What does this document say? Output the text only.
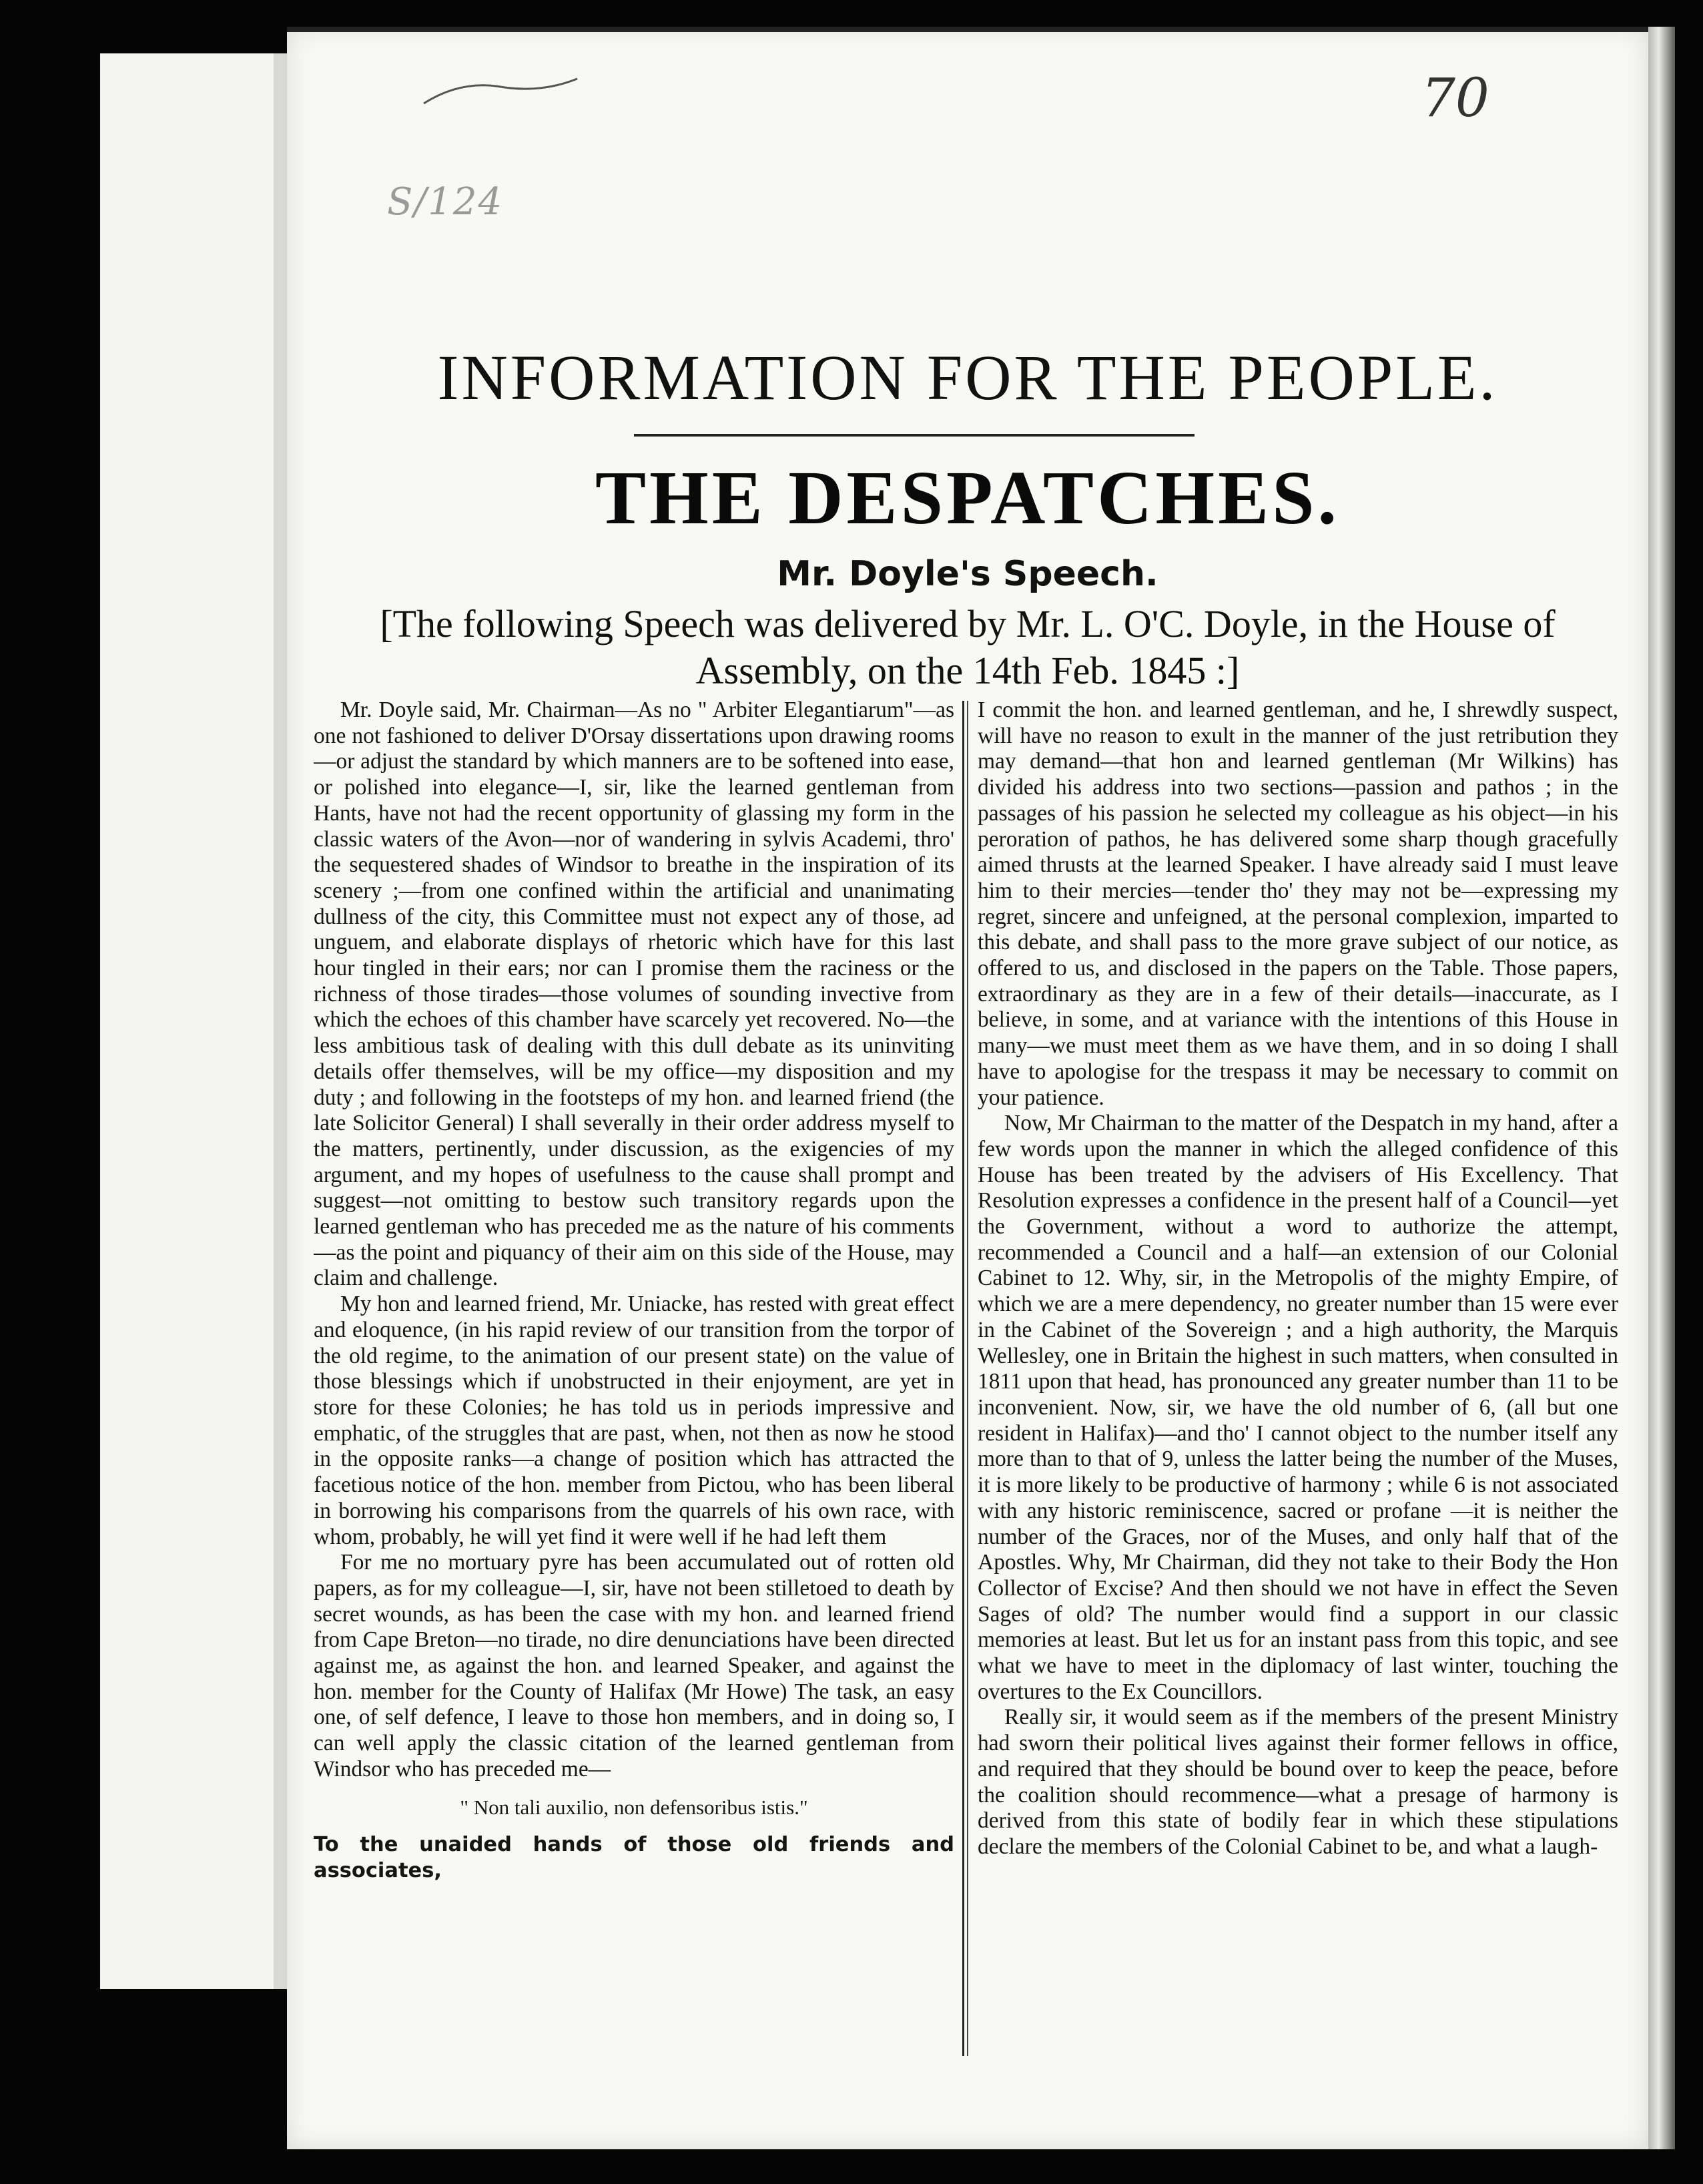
S/124
70
INFORMATION FOR THE PEOPLE.
THE DESPATCHES.
Mr. Doyle's Speech.
[The following Speech was delivered by Mr. L. O'C. Doyle, in the House of Assembly, on the 14th Feb. 1845 :]

Mr. Doyle said, Mr. Chairman—As no " Arbiter Elegantiarum"—as one not fashioned to deliver D'Orsay dissertations upon drawing rooms—or adjust the standard by which manners are to be softened into ease, or polished into elegance—I, sir, like the learned gentleman from Hants, have not had the recent opportunity of glassing my form in the classic waters of the Avon—nor of wandering in sylvis Academi, thro' the sequestered shades of Windsor to breathe in the inspiration of its scenery ;—from one confined within the artificial and unanimating dullness of the city, this Committee must not expect any of those, ad unguem, and elaborate displays of rhetoric which have for this last hour tingled in their ears; nor can I promise them the raciness or the richness of those tirades—those volumes of sounding invective from which the echoes of this chamber have scarcely yet recovered. No—the less ambitious task of dealing with this dull debate as its uninviting details offer themselves, will be my office—my disposition and my duty ; and following in the footsteps of my hon. and learned friend (the late Solicitor General) I shall severally in their order address myself to the matters, pertinently, under discussion, as the exigencies of my argument, and my hopes of usefulness to the cause shall prompt and suggest—not omitting to bestow such transitory regards upon the learned gentleman who has preceded me as the nature of his comments—as the point and piquancy of their aim on this side of the House, may claim and challenge.

My hon and learned friend, Mr. Uniacke, has rested with great effect and eloquence, (in his rapid review of our transition from the torpor of the old regime, to the animation of our present state) on the value of those blessings which if unobstructed in their enjoyment, are yet in store for these Colonies; he has told us in periods impressive and emphatic, of the struggles that are past, when, not then as now he stood in the opposite ranks—a change of position which has attracted the facetious notice of the hon. member from Pictou, who has been liberal in borrowing his comparisons from the quarrels of his own race, with whom, probably, he will yet find it were well if he had left them

For me no mortuary pyre has been accumulated out of rotten old papers, as for my colleague—I, sir, have not been stilletoed to death by secret wounds, as has been the case with my hon. and learned friend from Cape Breton—no tirade, no dire denunciations have been directed against me, as against the hon. and learned Speaker, and against the hon. member for the County of Halifax (Mr Howe) The task, an easy one, of self defence, I leave to those hon members, and in doing so, I can well apply the classic citation of the learned gentleman from Windsor who has preceded me—

" Non tali auxilio, non defensoribus istis."

To the unaided hands of those old friends and associates,

I commit the hon. and learned gentleman, and he, I shrewdly suspect, will have no reason to exult in the manner of the just retribution they may demand—that hon and learned gentleman (Mr Wilkins) has divided his address into two sections—passion and pathos ; in the passages of his passion he selected my colleague as his object—in his peroration of pathos, he has delivered some sharp though gracefully aimed thrusts at the learned Speaker. I have already said I must leave him to their mercies—tender tho' they may not be—expressing my regret, sincere and unfeigned, at the personal complexion, imparted to this debate, and shall pass to the more grave subject of our notice, as offered to us, and disclosed in the papers on the Table. Those papers, extraordinary as they are in a few of their details—inaccurate, as I believe, in some, and at variance with the intentions of this House in many—we must meet them as we have them, and in so doing I shall have to apologise for the trespass it may be necessary to commit on your patience.

Now, Mr Chairman to the matter of the Despatch in my hand, after a few words upon the manner in which the alleged confidence of this House has been treated by the advisers of His Excellency. That Resolution expresses a confidence in the present half of a Council—yet the Government, without a word to authorize the attempt, recommended a Council and a half—an extension of our Colonial Cabinet to 12. Why, sir, in the Metropolis of the mighty Empire, of which we are a mere dependency, no greater number than 15 were ever in the Cabinet of the Sovereign ; and a high authority, the Marquis Wellesley, one in Britain the highest in such matters, when consulted in 1811 upon that head, has pronounced any greater number than 11 to be inconvenient. Now, sir, we have the old number of 6, (all but one resident in Halifax)—and tho' I cannot object to the number itself any more than to that of 9, unless the latter being the number of the Muses, it is more likely to be productive of harmony ; while 6 is not associated with any historic reminiscence, sacred or profane —it is neither the number of the Graces, nor of the Muses, and only half that of the Apostles. Why, Mr Chairman, did they not take to their Body the Hon Collector of Excise? And then should we not have in effect the Seven Sages of old? The number would find a support in our classic memories at least. But let us for an instant pass from this topic, and see what we have to meet in the diplomacy of last winter, touching the overtures to the Ex Councillors.

Really sir, it would seem as if the members of the present Ministry had sworn their political lives against their former fellows in office, and required that they should be bound over to keep the peace, before the coalition should recommence—what a presage of harmony is derived from this state of bodily fear in which these stipulations declare the members of the Colonial Cabinet to be, and what a laugh-
